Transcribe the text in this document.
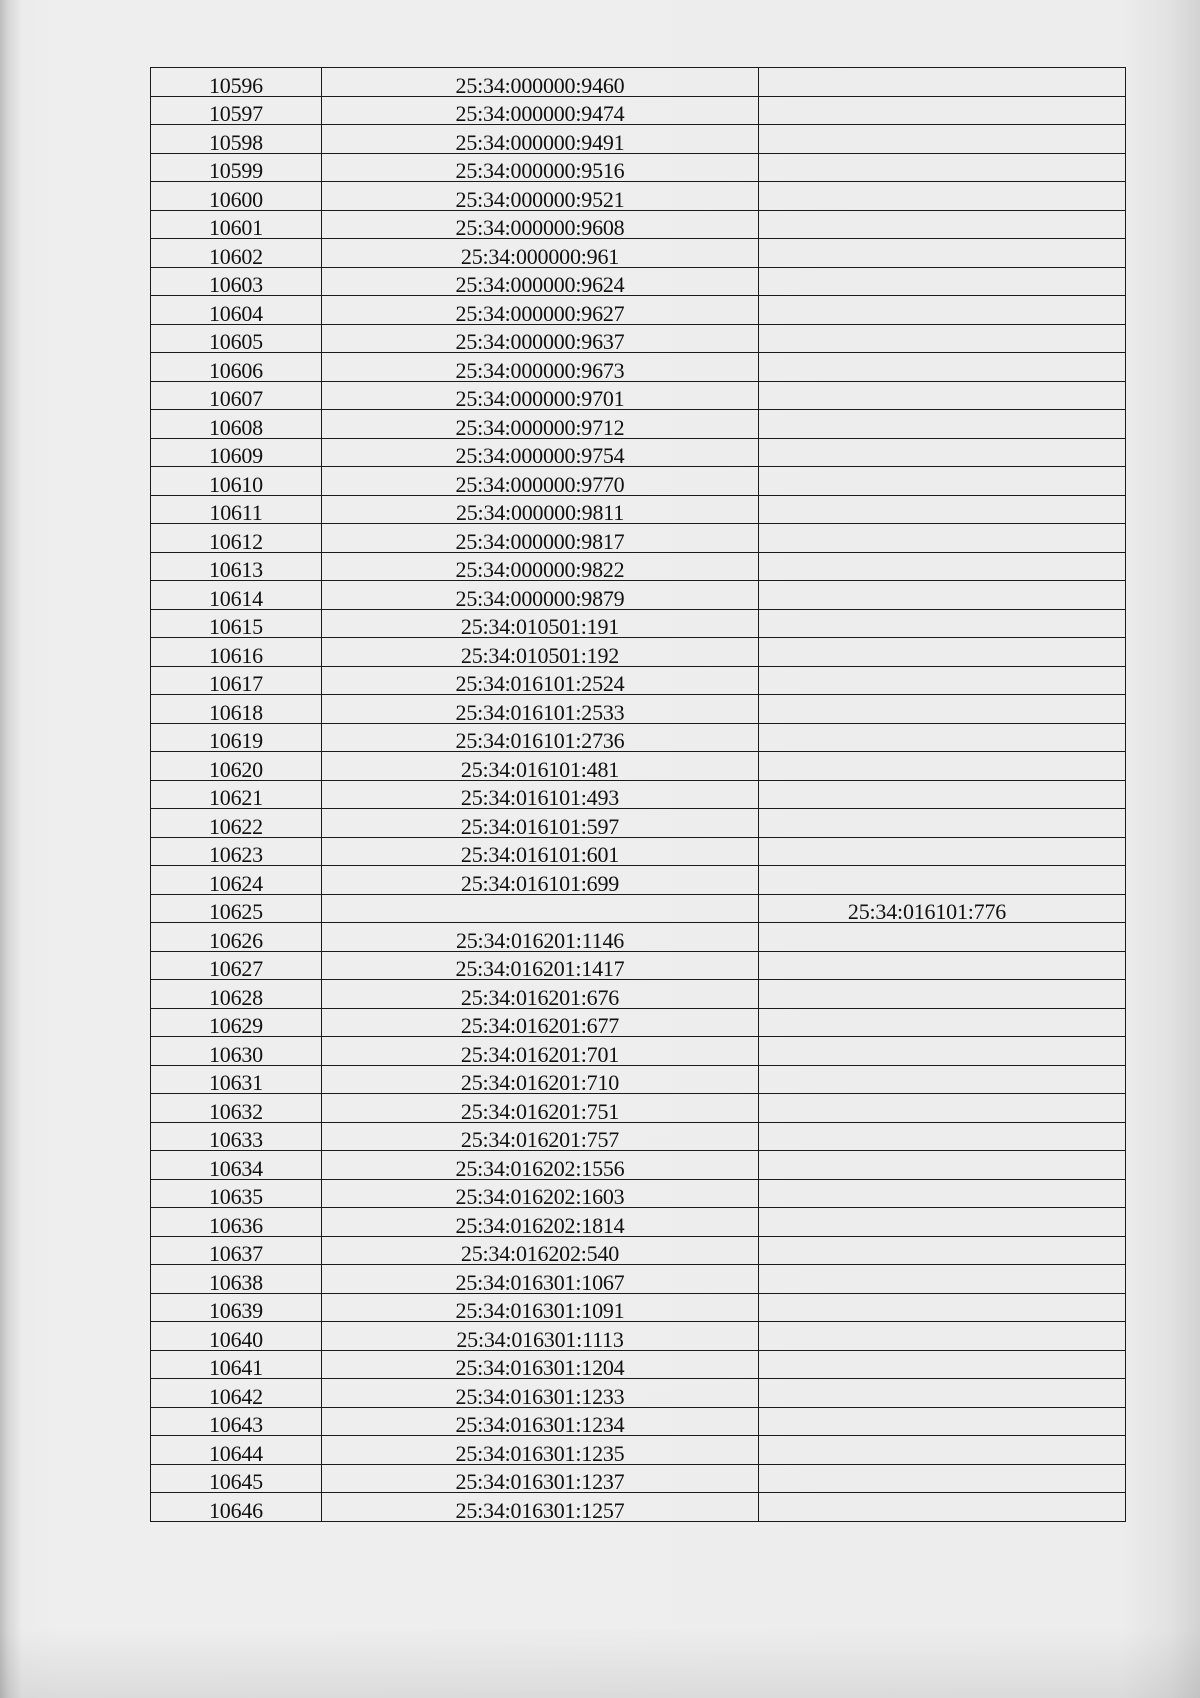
10596	25:34:000000:9460	
10597	25:34:000000:9474	
10598	25:34:000000:9491	
10599	25:34:000000:9516	
10600	25:34:000000:9521	
10601	25:34:000000:9608	
10602	25:34:000000:961	
10603	25:34:000000:9624	
10604	25:34:000000:9627	
10605	25:34:000000:9637	
10606	25:34:000000:9673	
10607	25:34:000000:9701	
10608	25:34:000000:9712	
10609	25:34:000000:9754	
10610	25:34:000000:9770	
10611	25:34:000000:9811	
10612	25:34:000000:9817	
10613	25:34:000000:9822	
10614	25:34:000000:9879	
10615	25:34:010501:191	
10616	25:34:010501:192	
10617	25:34:016101:2524	
10618	25:34:016101:2533	
10619	25:34:016101:2736	
10620	25:34:016101:481	
10621	25:34:016101:493	
10622	25:34:016101:597	
10623	25:34:016101:601	
10624	25:34:016101:699	
10625		25:34:016101:776
10626	25:34:016201:1146	
10627	25:34:016201:1417	
10628	25:34:016201:676	
10629	25:34:016201:677	
10630	25:34:016201:701	
10631	25:34:016201:710	
10632	25:34:016201:751	
10633	25:34:016201:757	
10634	25:34:016202:1556	
10635	25:34:016202:1603	
10636	25:34:016202:1814	
10637	25:34:016202:540	
10638	25:34:016301:1067	
10639	25:34:016301:1091	
10640	25:34:016301:1113	
10641	25:34:016301:1204	
10642	25:34:016301:1233	
10643	25:34:016301:1234	
10644	25:34:016301:1235	
10645	25:34:016301:1237	
10646	25:34:016301:1257	
